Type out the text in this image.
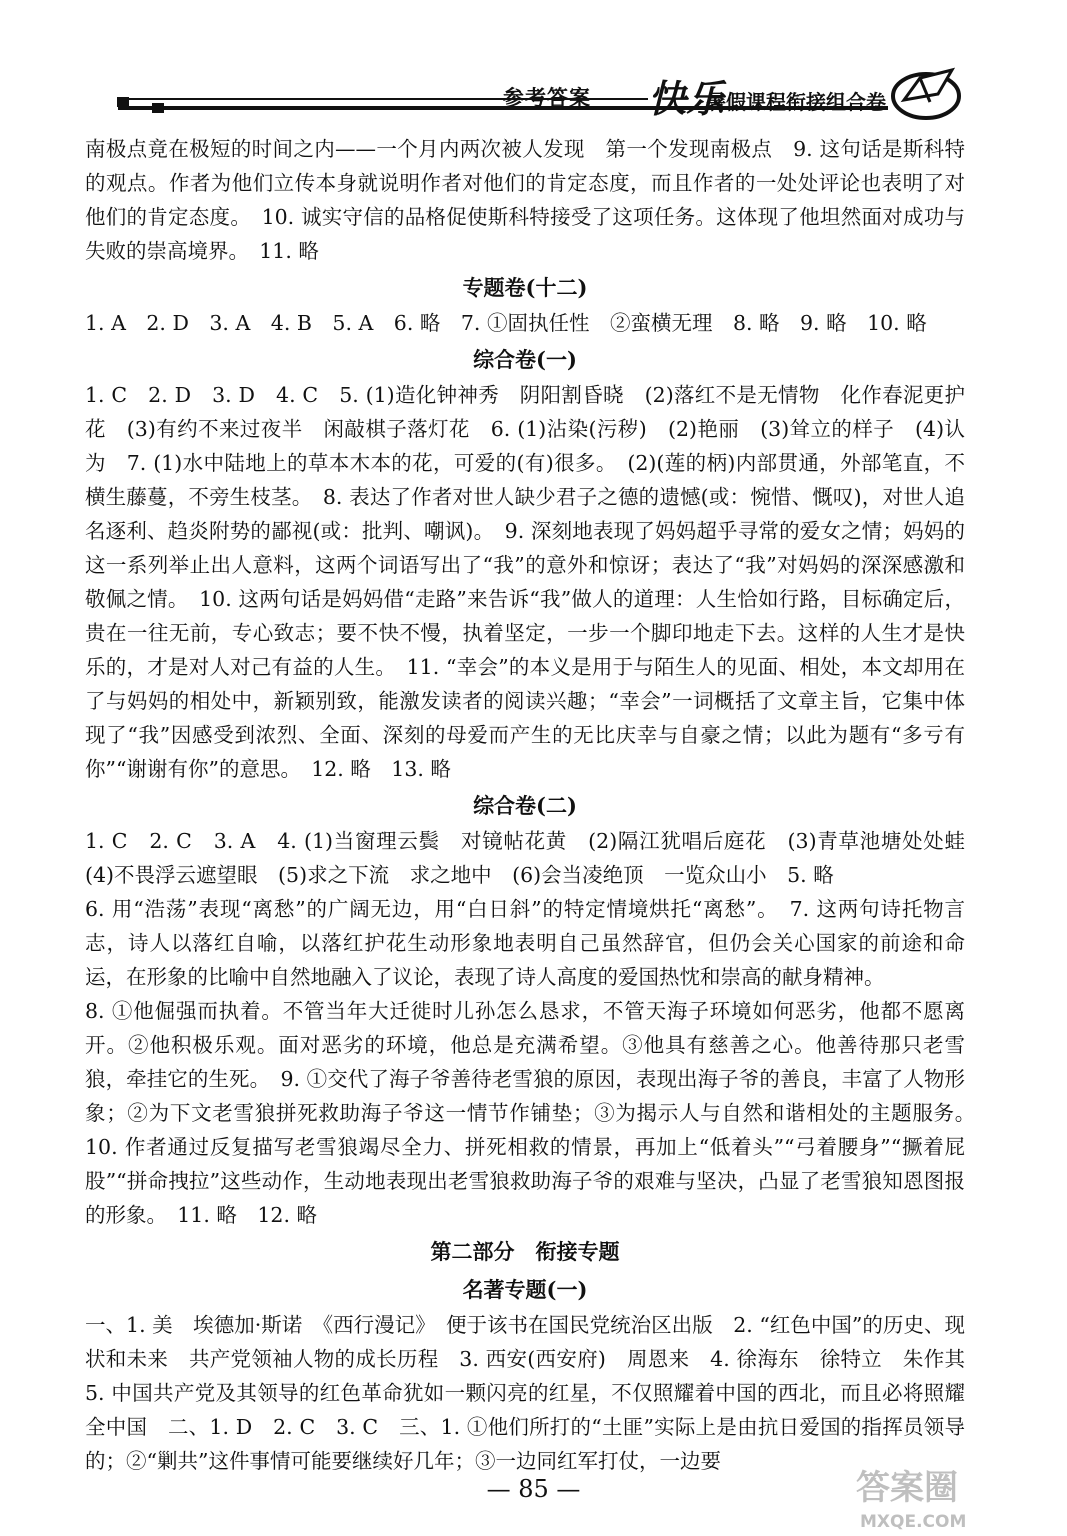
参考答案 快乐
暑假课程衔接组合卷

南极点竟在极短的时间之内——一个月内两次被人发现　第一个发现南极点　9. 这句话是斯科特的观点。作者为他们立传本身就说明作者对他们的肯定态度，而且作者的一处处评论也表明了对他们的肯定态度。　10. 诚实守信的品格促使斯科特接受了这项任务。这体现了他坦然面对成功与失败的崇高境界。　11. 略

专题卷(十二)

1. A　2. D　3. A　4. B　5. A　6. 略　7. ①固执任性　②蛮横无理　8. 略　9. 略　10. 略

综合卷(一)

1. C　2. D　3. D　4. C　5. (1)造化钟神秀　阴阳割昏晓　(2)落红不是无情物　化作春泥更护花　(3)有约不来过夜半　闲敲棋子落灯花　6. (1)沾染(污秽)　(2)艳丽　(3)耸立的样子　(4)认为　7. (1)水中陆地上的草本木本的花，可爱的(有)很多。　(2)(莲的柄)内部贯通，外部笔直，不横生藤蔓，不旁生枝茎。　8. 表达了作者对世人缺少君子之德的遗憾(或：惋惜、慨叹)，对世人追名逐利、趋炎附势的鄙视(或：批判、嘲讽)。　9. 深刻地表现了妈妈超乎寻常的爱女之情；妈妈的这一系列举止出人意料，这两个词语写出了“我”的意外和惊讶；表达了“我”对妈妈的深深感激和敬佩之情。　10. 这两句话是妈妈借“走路”来告诉“我”做人的道理：人生恰如行路，目标确定后，贵在一往无前，专心致志；要不快不慢，执着坚定，一步一个脚印地走下去。这样的人生才是快乐的，才是对人对己有益的人生。　11. “幸会”的本义是用于与陌生人的见面、相处，本文却用在了与妈妈的相处中，新颖别致，能激发读者的阅读兴趣；“幸会”一词概括了文章主旨，它集中体现了“我”因感受到浓烈、全面、深刻的母爱而产生的无比庆幸与自豪之情；以此为题有“多亏有你”“谢谢有你”的意思。　12. 略　13. 略

综合卷(二)

1. C　2. C　3. A　4. (1)当窗理云鬓　对镜帖花黄　(2)隔江犹唱后庭花　(3)青草池塘处处蛙　(4)不畏浮云遮望眼　(5)求之下流　求之地中　(6)会当凌绝顶　一览众山小　5. 略

6. 用“浩荡”表现“离愁”的广阔无边，用“白日斜”的特定情境烘托“离愁”。　7. 这两句诗托物言志，诗人以落红自喻，以落红护花生动形象地表明自己虽然辞官，但仍会关心国家的前途和命运，在形象的比喻中自然地融入了议论，表现了诗人高度的爱国热忱和崇高的献身精神。

8. ①他倔强而执着。不管当年大迁徙时儿孙怎么恳求，不管天海子环境如何恶劣，他都不愿离开。②他积极乐观。面对恶劣的环境，他总是充满希望。③他具有慈善之心。他善待那只老雪狼，牵挂它的生死。　9. ①交代了海子爷善待老雪狼的原因，表现出海子爷的善良，丰富了人物形象；②为下文老雪狼拼死救助海子爷这一情节作铺垫；③为揭示人与自然和谐相处的主题服务。　10. 作者通过反复描写老雪狼竭尽全力、拼死相救的情景，再加上“低着头”“弓着腰身”“撅着屁股”“拼命拽拉”这些动作，生动地表现出老雪狼救助海子爷的艰难与坚决，凸显了老雪狼知恩图报的形象。　11. 略　12. 略

第二部分　衔接专题
名著专题(一)

一、1. 美　埃德加·斯诺　《西行漫记》　便于该书在国民党统治区出版　2. “红色中国”的历史、现状和未来　共产党领袖人物的成长历程　3. 西安(西安府)　周恩来　4. 徐海东　徐特立　朱作其　5. 中国共产党及其领导的红色革命犹如一颗闪亮的红星，不仅照耀着中国的西北，而且必将照耀全中国　二、1. D　2. C　3. C　三、1. ①他们所打的“土匪”实际上是由抗日爱国的指挥员领导的；②“剿共”这件事情可能要继续好几年；③一边同红军打仗，一边要

— 85 —	答案圈
MXQE.COM
